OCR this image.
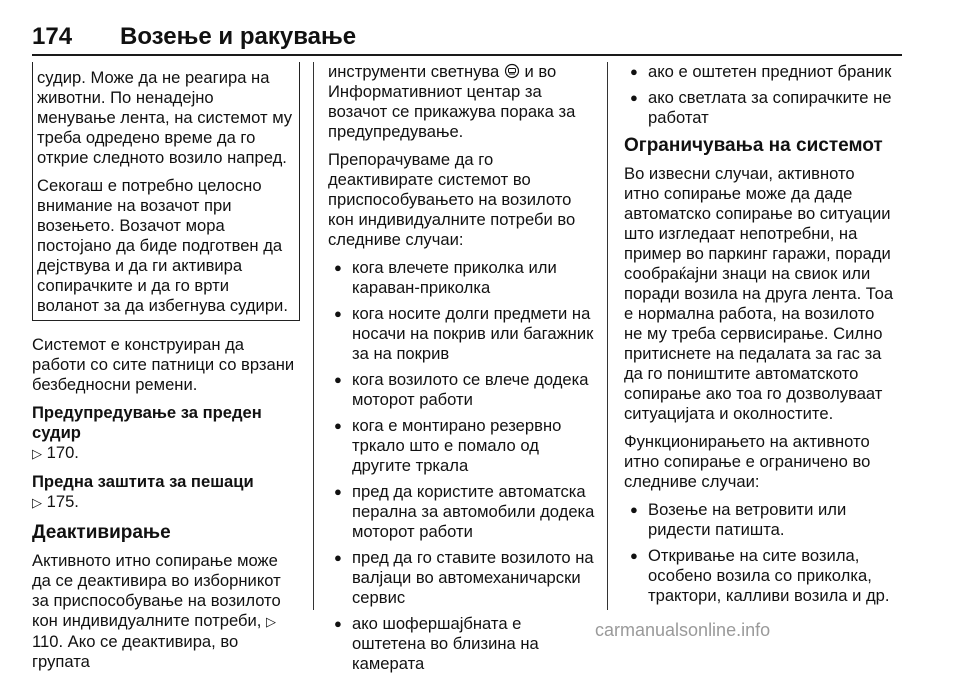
174 Возење и ракување

судир. Може да не реагира на животни. По ненадејно менување лента, на системот му треба одредено време да го открие следното возило напред.

Секогаш е потребно целосно внимание на возачот при возењето. Возачот мора постојано да биде подготвен да дејствува и да ги активира сопирачките и да го врти воланот за да избегнува судири.

Системот е конструиран да работи со сите патници со врзани безбедносни ремени.

Предупредување за преден судир

▷ 170.

Предна заштита за пешаци

▷ 175.

Деактивирање

Активното итно сопирање може да се деактивира во изборникот за приспособување на возилото кон индивидуалните потреби, ▷ 110. Ако се деактивира, во групата

инструменти светнува и во Информативниот центар за возачот се прикажува порака за предупредување.

Препорачуваме да го деактивирате системот во приспособувањето на возилото кон индивидуалните потреби во следниве случаи:

● кога влечете приколка или караван-приколка
● кога носите долги предмети на носачи на покрив или багажник за на покрив
● кога возилото се влече додека моторот работи
● кога е монтирано резервно тркало што е помало од другите тркала
● пред да користите автоматска перална за автомобили додека моторот работи
● пред да го ставите возилото на валјаци во автомеханичарски сервис
● ако шофершајбната е оштетена во близина на камерата
● ако е оштетен предниот браник
● ако светлата за сопирачките не работат
Ограничувања на системот

Во извесни случаи, активното итно сопирање може да даде автоматско сопирање во ситуации што изгледаат непотребни, на пример во паркинг гаражи, поради сообраќајни знаци на свиок или поради возила на друга лента. Тоа е нормална работа, на возилото не му треба сервисирање. Силно притиснете на педалата за гас за да го поништите автоматското сопирање ако тоа го дозволуваат ситуацијата и околностите.

Функционирањето на активното итно сопирање е ограничено во следниве случаи:

● Возење на ветровити или ридести патишта.
● Откривање на сите возила, особено возила со приколка, трактори, калливи возила и др.
carmanualsonline.info
